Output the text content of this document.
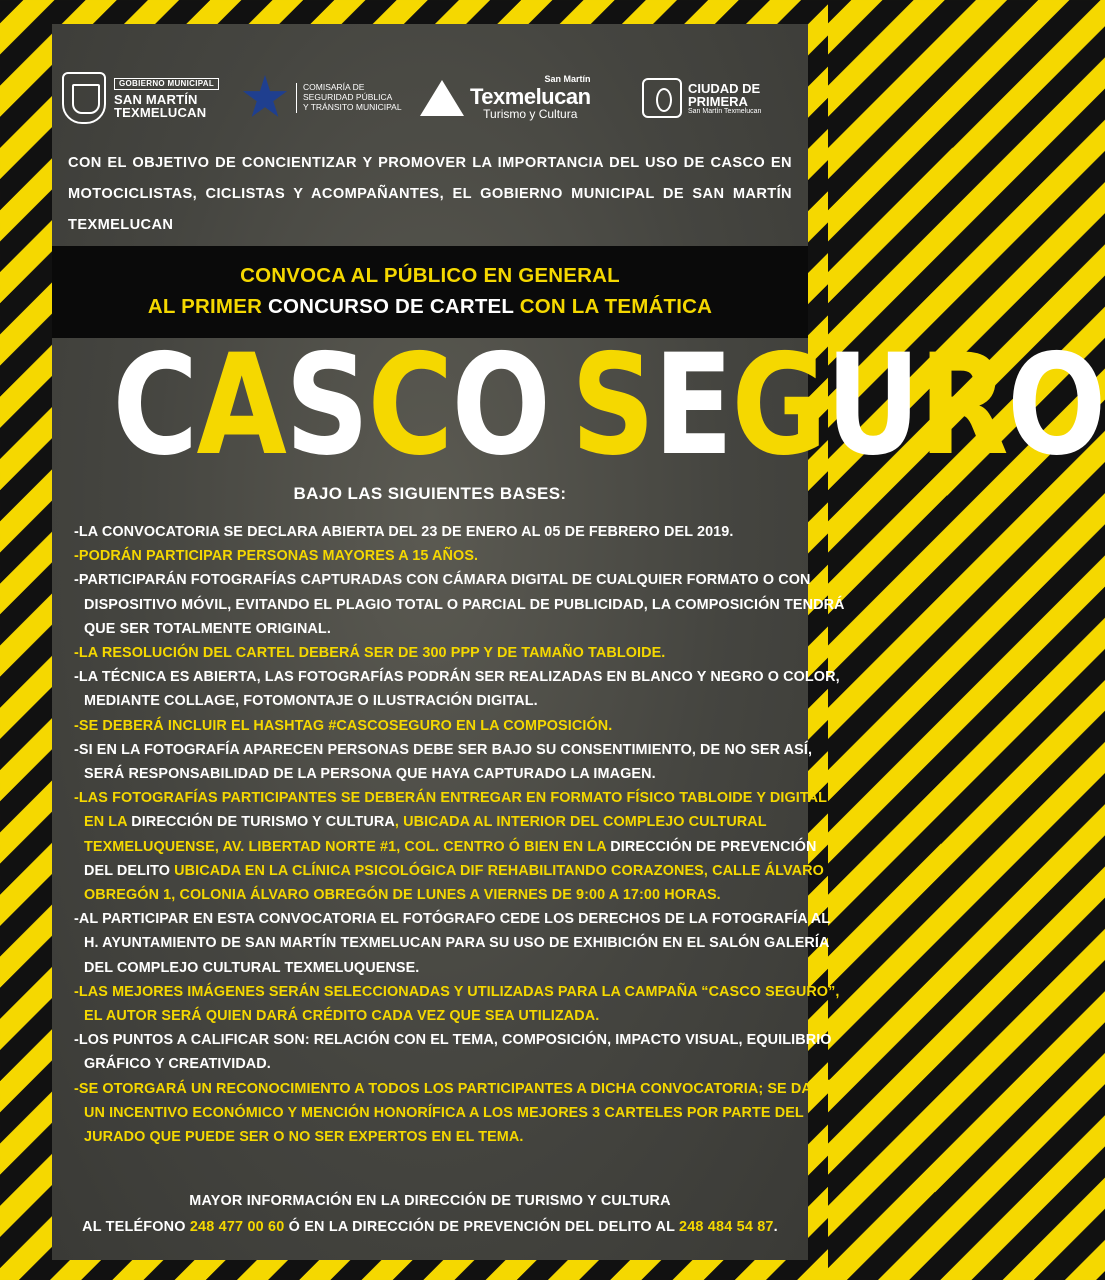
GOBIERNO MUNICIPAL
SAN MARTÍN
TEXMELUCAN
COMISARÍA DE
SEGURIDAD PÚBLICA
Y TRÁNSITO MUNICIPAL
San Martín
Texmelucan
Turismo y Cultura
CIUDAD DE
PRIMERA
San Martín Texmelucan
CON EL OBJETIVO DE CONCIENTIZAR Y PROMOVER LA IMPORTANCIA DEL USO DE CASCO EN
MOTOCICLISTAS, CICLISTAS Y ACOMPAÑANTES, EL GOBIERNO MUNICIPAL DE SAN MARTÍN TEXMELUCAN
CONVOCA AL PÚBLICO EN GENERAL
AL PRIMER CONCURSO DE CARTEL CON LA TEMÁTICA
CASCO SEGURO
BAJO LAS SIGUIENTES BASES:
-LA CONVOCATORIA SE DECLARA ABIERTA DEL 23 DE ENERO AL 05 DE FEBRERO DEL 2019.
-PODRÁN PARTICIPAR PERSONAS MAYORES A 15 AÑOS.
-PARTICIPARÁN FOTOGRAFÍAS CAPTURADAS CON CÁMARA DIGITAL DE CUALQUIER FORMATO O CON
DISPOSITIVO MÓVIL, EVITANDO EL PLAGIO TOTAL O PARCIAL DE PUBLICIDAD, LA COMPOSICIÓN TENDRÁ
QUE SER TOTALMENTE ORIGINAL.
-LA RESOLUCIÓN DEL CARTEL DEBERÁ SER DE 300 PPP Y DE TAMAÑO TABLOIDE.
-LA TÉCNICA ES ABIERTA, LAS FOTOGRAFÍAS PODRÁN SER REALIZADAS EN BLANCO Y NEGRO O COLOR,
MEDIANTE COLLAGE, FOTOMONTAJE O ILUSTRACIÓN DIGITAL.
-SE DEBERÁ INCLUIR EL HASHTAG #CASCOSEGURO EN LA COMPOSICIÓN.
-SI EN LA FOTOGRAFÍA APARECEN PERSONAS DEBE SER BAJO SU CONSENTIMIENTO, DE NO SER ASÍ,
SERÁ RESPONSABILIDAD DE LA PERSONA QUE HAYA CAPTURADO LA IMAGEN.
-LAS FOTOGRAFÍAS PARTICIPANTES SE DEBERÁN ENTREGAR EN FORMATO FÍSICO TABLOIDE Y DIGITAL
EN LA DIRECCIÓN DE TURISMO Y CULTURA, UBICADA AL INTERIOR DEL COMPLEJO CULTURAL
TEXMELUQUENSE, AV. LIBERTAD NORTE #1, COL. CENTRO Ó BIEN EN LA DIRECCIÓN DE PREVENCIÓN
DEL DELITO UBICADA EN LA CLÍNICA PSICOLÓGICA DIF REHABILITANDO CORAZONES, CALLE ÁLVARO
OBREGÓN 1, COLONIA ÁLVARO OBREGÓN DE LUNES A VIERNES DE 9:00 A 17:00 HORAS.
-AL PARTICIPAR EN ESTA CONVOCATORIA EL FOTÓGRAFO CEDE LOS DERECHOS DE LA FOTOGRAFÍA AL
H. AYUNTAMIENTO DE SAN MARTÍN TEXMELUCAN PARA SU USO DE EXHIBICIÓN EN EL SALÓN GALERÍA
DEL COMPLEJO CULTURAL TEXMELUQUENSE.
-LAS MEJORES IMÁGENES SERÁN SELECCIONADAS Y UTILIZADAS PARA LA CAMPAÑA “CASCO SEGURO”,
EL AUTOR SERÁ QUIEN DARÁ CRÉDITO CADA VEZ QUE SEA UTILIZADA.
-LOS PUNTOS A CALIFICAR SON: RELACIÓN CON EL TEMA, COMPOSICIÓN, IMPACTO VISUAL, EQUILIBRIO
GRÁFICO Y CREATIVIDAD.
-SE OTORGARÁ UN RECONOCIMIENTO A TODOS LOS PARTICIPANTES A DICHA CONVOCATORIA; SE DARÁ
UN INCENTIVO ECONÓMICO Y MENCIÓN HONORÍFICA A LOS MEJORES 3 CARTELES POR PARTE DEL
JURADO QUE PUEDE SER O NO SER EXPERTOS EN EL TEMA.
MAYOR INFORMACIÓN EN LA DIRECCIÓN DE TURISMO Y CULTURA
AL TELÉFONO 248 477 00 60 Ó EN LA DIRECCIÓN DE PREVENCIÓN DEL DELITO AL 248 484 54 87.
